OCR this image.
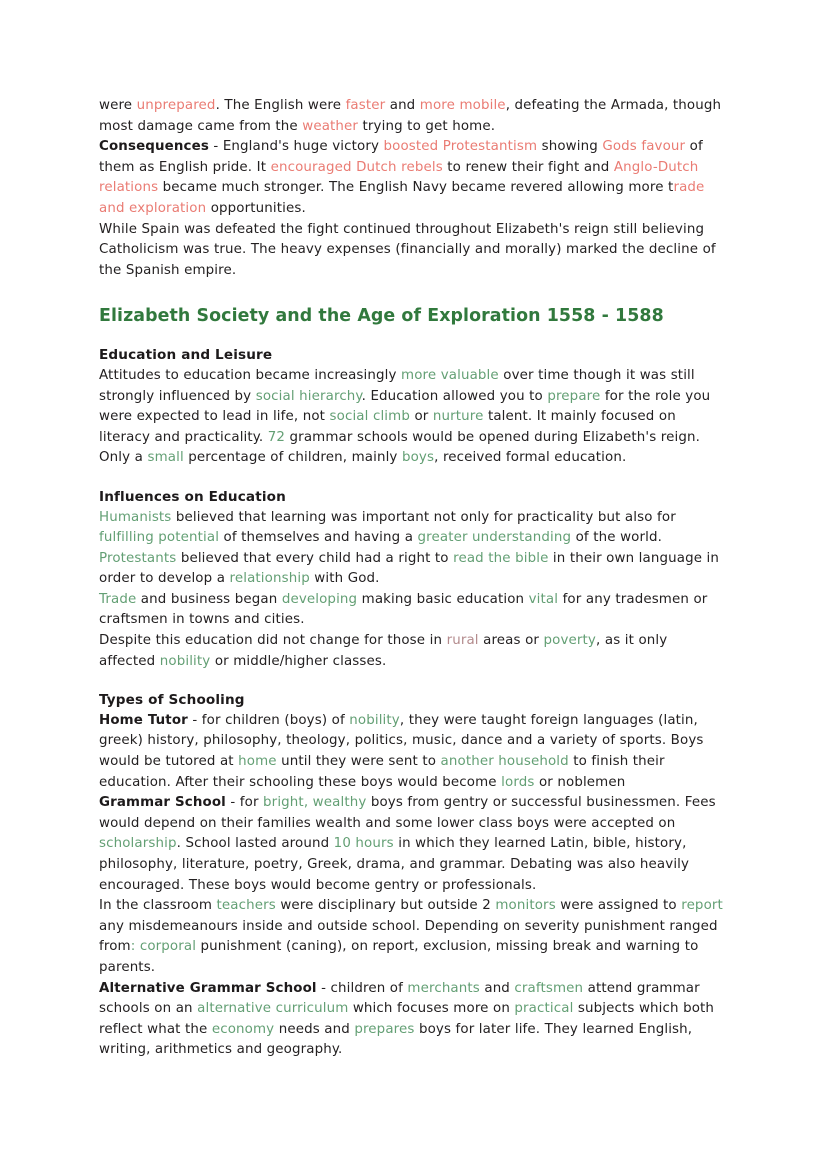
were unprepared. The English were faster and more mobile, defeating the Armada, though most damage came from the weather trying to get home.

Consequences - England's huge victory boosted Protestantism showing Gods favour of them as English pride. It encouraged Dutch rebels to renew their fight and Anglo-Dutch relations became much stronger. The English Navy became revered allowing more trade and exploration opportunities.

While Spain was defeated the fight continued throughout Elizabeth's reign still believing Catholicism was true. The heavy expenses (financially and morally) marked the decline of the Spanish empire.

Elizabeth Society and the Age of Exploration 1558 - 1588
Education and Leisure

Attitudes to education became increasingly more valuable over time though it was still strongly influenced by social hierarchy. Education allowed you to prepare for the role you were expected to lead in life, not social climb or nurture talent. It mainly focused on literacy and practicality. 72 grammar schools would be opened during Elizabeth's reign. Only a small percentage of children, mainly boys, received formal education.

Influences on Education

Humanists believed that learning was important not only for practicality but also for fulfilling potential of themselves and having a greater understanding of the world.

Protestants believed that every child had a right to read the bible in their own language in order to develop a relationship with God.

Trade and business began developing making basic education vital for any tradesmen or craftsmen in towns and cities.

Despite this education did not change for those in rural areas or poverty, as it only affected nobility or middle/higher classes.

Types of Schooling

Home Tutor - for children (boys) of nobility, they were taught foreign languages (latin, greek) history, philosophy, theology, politics, music, dance and a variety of sports. Boys would be tutored at home until they were sent to another household to finish their education. After their schooling these boys would become lords or noblemen

Grammar School - for bright, wealthy boys from gentry or successful businessmen. Fees would depend on their families wealth and some lower class boys were accepted on scholarship. School lasted around 10 hours in which they learned Latin, bible, history, philosophy, literature, poetry, Greek, drama, and grammar. Debating was also heavily encouraged. These boys would become gentry or professionals.

In the classroom teachers were disciplinary but outside 2 monitors were assigned to report any misdemeanours inside and outside school. Depending on severity punishment ranged from: corporal punishment (caning), on report, exclusion, missing break and warning to parents.

Alternative Grammar School - children of merchants and craftsmen attend grammar schools on an alternative curriculum which focuses more on practical subjects which both reflect what the economy needs and prepares boys for later life. They learned English, writing, arithmetics and geography.
